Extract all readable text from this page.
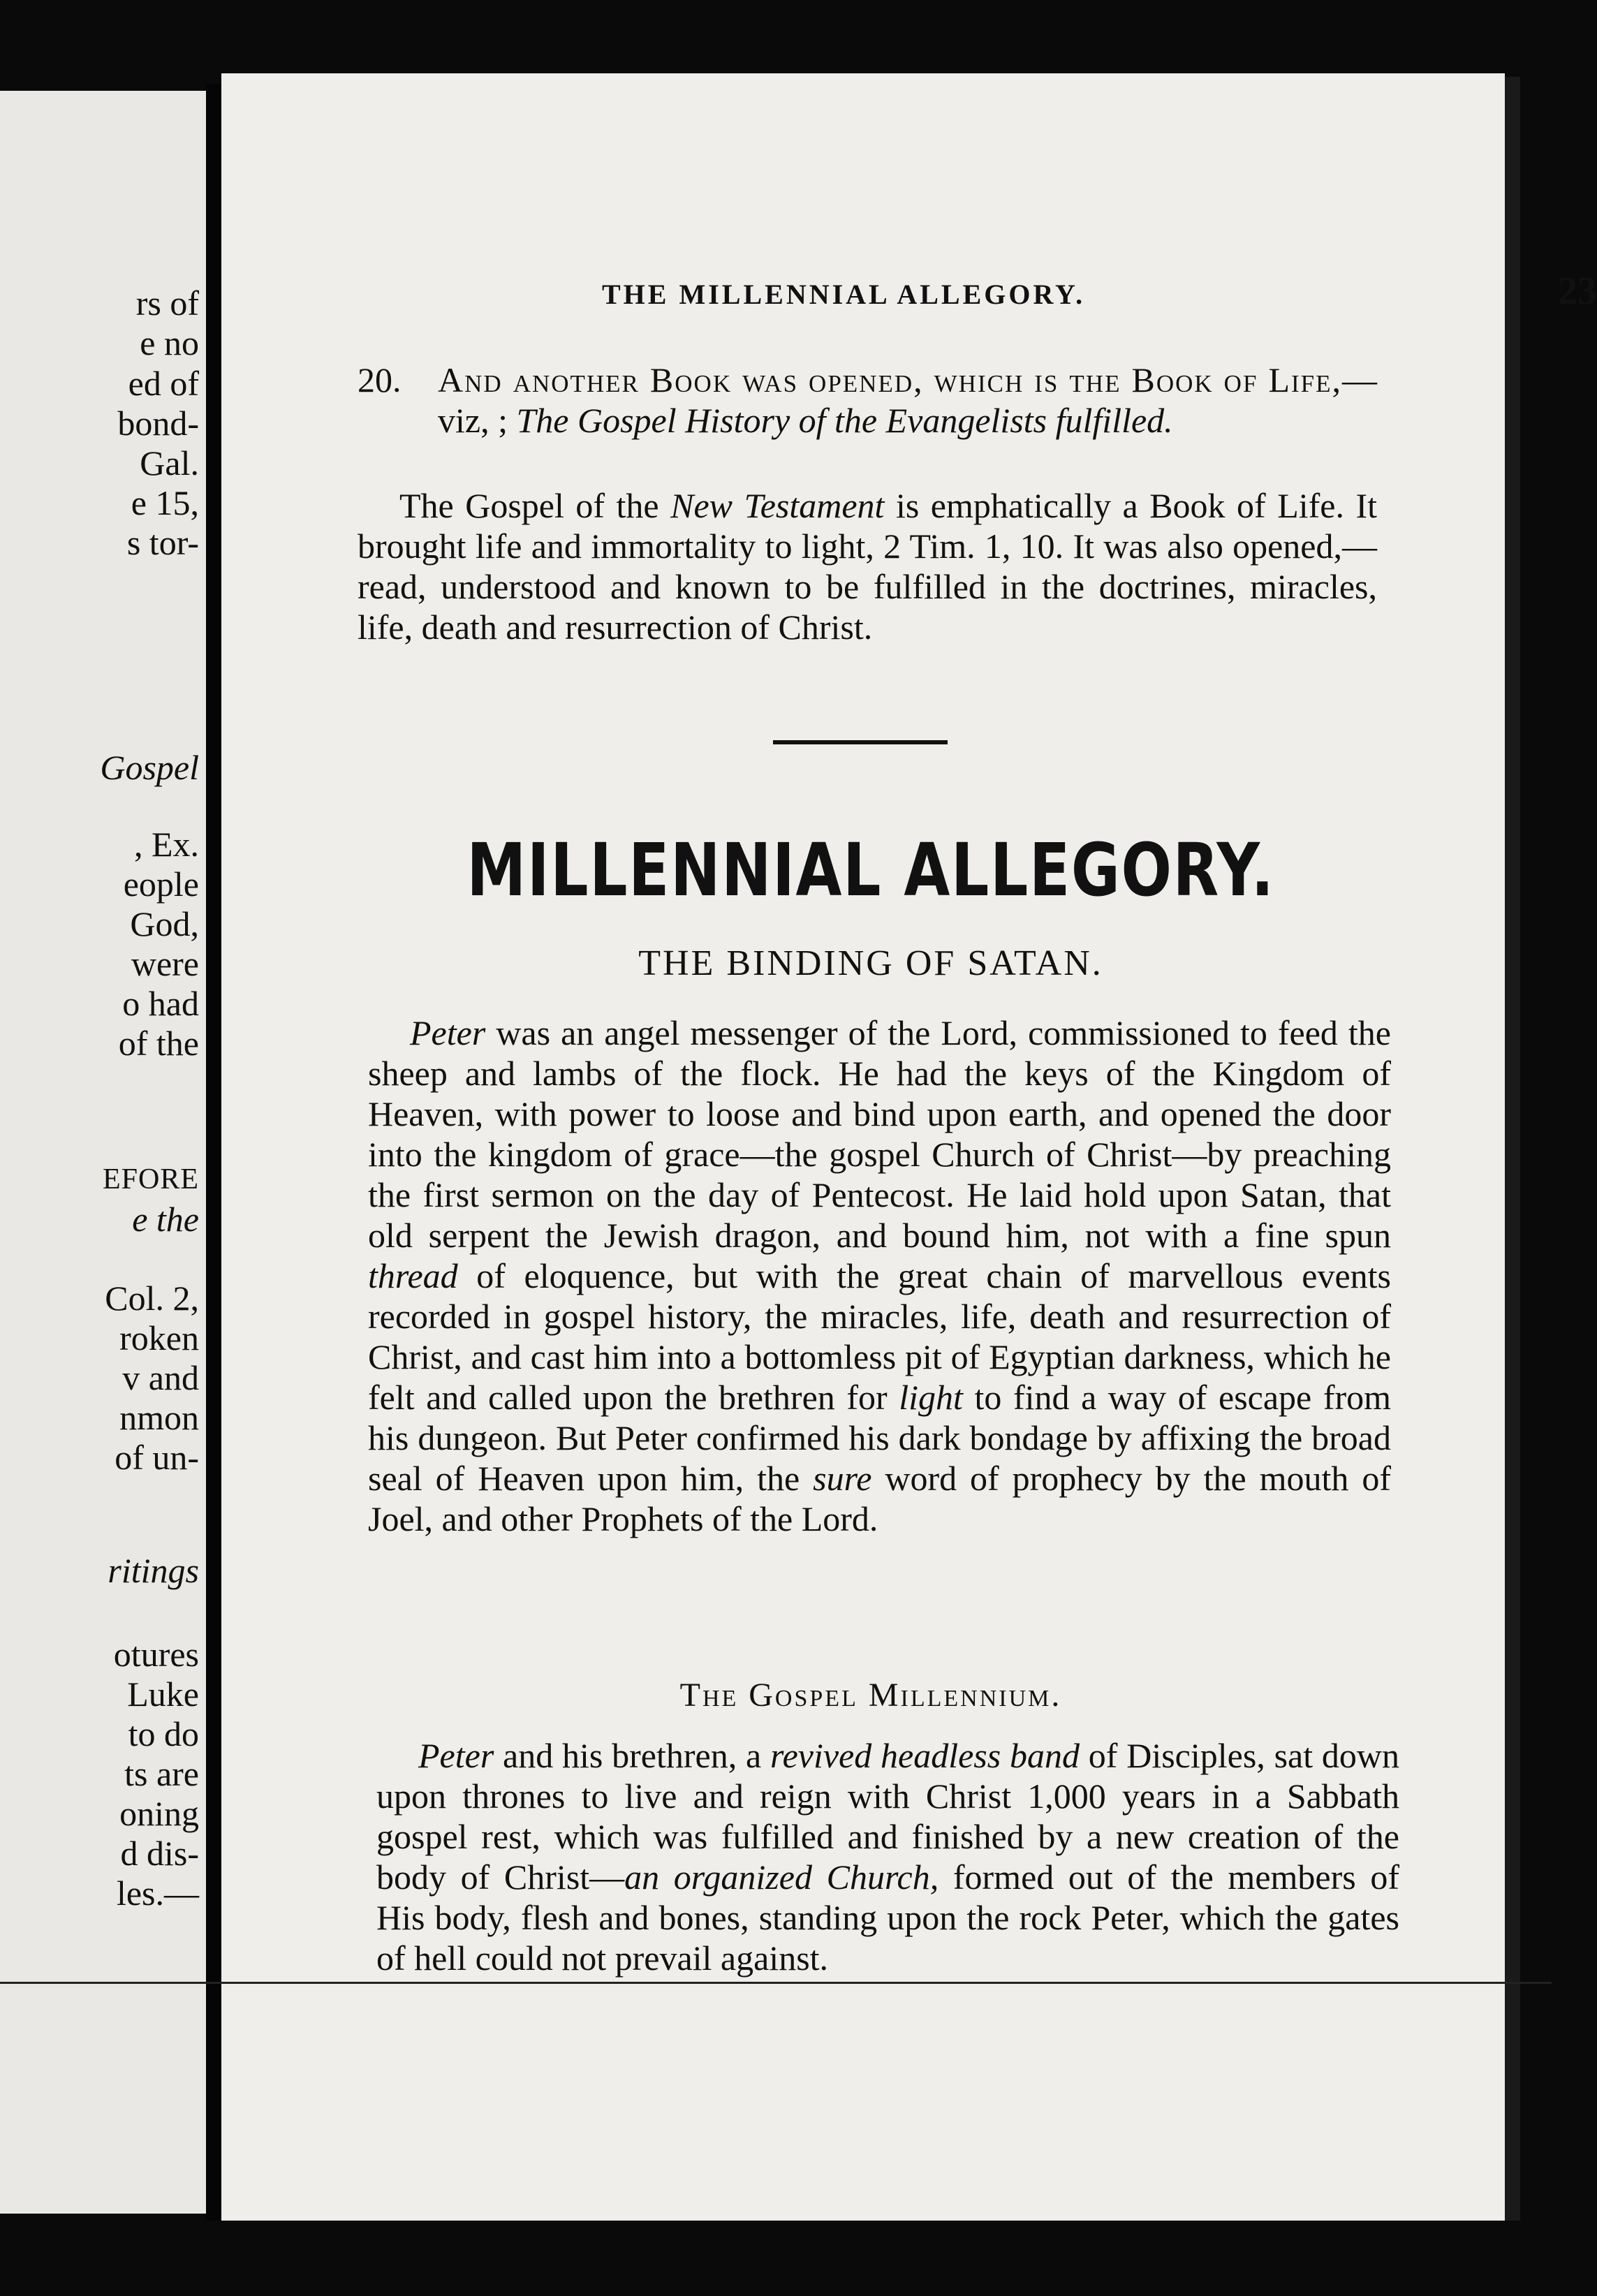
rs of
e no
ed of
bond-
Gal.
e 15,
s tor-
Gospel
, Ex.
eople
God,
were
o had
of the
EFORE
e the
Col. 2,
roken
v and
nmon
of un-
ritings
otures
Luke
to do
ts are
oning
d dis-
les.—
THE MILLENNIAL ALLEGORY.	23

20. And another Book was opened, which is the Book of Life,—viz, ; The Gospel History of the Evangelists fulfilled.

The Gospel of the New Testament is emphatically a Book of Life. It brought life and immortality to light, 2 Tim. 1, 10. It was also opened,—read, understood and known to be fulfilled in the doctrines, miracles, life, death and resurrection of Christ.

MILLENNIAL ALLEGORY.
THE BINDING OF SATAN.

Peter was an angel messenger of the Lord, commissioned to feed the sheep and lambs of the flock. He had the keys of the Kingdom of Heaven, with power to loose and bind upon earth, and opened the door into the kingdom of grace—the gospel Church of Christ—by preaching the first sermon on the day of Pentecost. He laid hold upon Satan, that old serpent the Jewish dragon, and bound him, not with a fine spun thread of eloquence, but with the great chain of marvellous events recorded in gospel history, the miracles, life, death and resurrection of Christ, and cast him into a bottomless pit of Egyptian darkness, which he felt and called upon the brethren for light to find a way of escape from his dungeon. But Peter confirmed his dark bondage by affixing the broad seal of Heaven upon him, the sure word of prophecy by the mouth of Joel, and other Prophets of the Lord.

The Gospel Millennium.

Peter and his brethren, a revived headless band of Disciples, sat down upon thrones to live and reign with Christ 1,000 years in a Sabbath gospel rest, which was fulfilled and finished by a new creation of the body of Christ—an organized Church, formed out of the members of His body, flesh and bones, standing upon the rock Peter, which the gates of hell could not prevail against.
